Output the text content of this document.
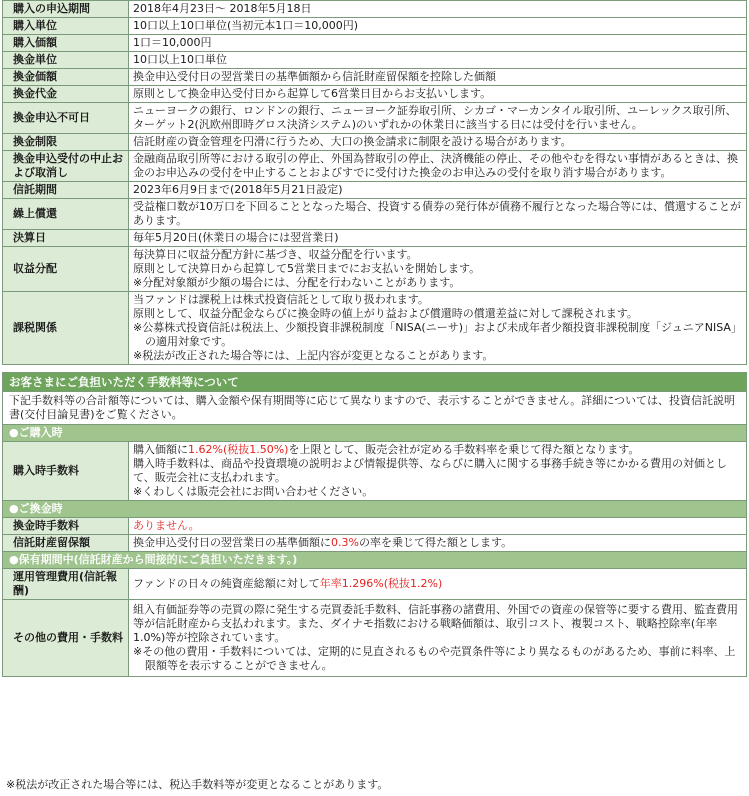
購入の申込期間	2018年4月23日～ 2018年5月18日

購入単位	10口以上10口単位(当初元本1口＝10,000円)

購入価額	1口＝10,000円

換金単位	10口以上10口単位

換金価額	換金申込受付日の翌営業日の基準価額から信託財産留保額を控除した価額

換金代金	原則として換金申込受付日から起算して6営業日目からお支払いします。

換金申込不可日	ニューヨークの銀行、ロンドンの銀行、ニューヨーク証券取引所、シカゴ・マーカンタイル取引所、ユーレックス取引所、ターゲット2(汎欧州即時グロス決済システム)のいずれかの休業日に該当する日には受付を行いません。

換金制限	信託財産の資金管理を円滑に行うため、大口の換金請求に制限を設ける場合があります。

換金申込受付の中止および取消し	金融商品取引所等における取引の停止、外国為替取引の停止、決済機能の停止、その他やむを得ない事情があるときは、換金のお申込みの受付を中止することおよびすでに受付けた換金のお申込みの受付を取り消す場合があります。

信託期間	2023年6月9日まで(2018年5月21日設定)

繰上償還	受益権口数が10万口を下回ることとなった場合、投資する債券の発行体が債務不履行となった場合等には、償還することがあります。

決算日	毎年5月20日(休業日の場合には翌営業日)

収益分配	毎決算日に収益分配方針に基づき、収益分配を行います。
原則として決算日から起算して5営業日までにお支払いを開始します。
※分配対象額が少額の場合には、分配を行わないことがあります。

課税関係	当ファンドは課税上は株式投資信託として取り扱われます。
原則として、収益分配金ならびに換金時の値上がり益および償還時の償還差益に対して課税されます。
※公募株式投資信託は税法上、少額投資非課税制度「NISA(ニーサ)」および未成年者少額投資非課税制度「ジュニアNISA」の適用対象です。
※税法が改正された場合等には、上記内容が変更となることがあります。
お客さまにご負担いただく手数料等について	
下記手数料等の合計額等については、購入金額や保有期間等に応じて異なりますので、表示することができません。詳細については、投資信託説明書(交付目論見書)をご覧ください。	
●ご購入時	
購入時手数料	購入価額に1.62%(税抜1.50%)を上限として、販売会社が定める手数料率を乗じて得た額となります。
購入時手数料は、商品や投資環境の説明および情報提供等、ならびに購入に関する事務手続き等にかかる費用の対価として、販売会社に支払われます。
※くわしくは販売会社にお問い合わせください。

●ご換金時	
換金時手数料	ありません。
信託財産留保額	換金申込受付日の翌営業日の基準価額に0.3%の率を乗じて得た額とします。
●保有期間中(信託財産から間接的にご負担いただきます。)	
運用管理費用(信託報酬)	ファンドの日々の純資産総額に対して年率1.296%(税抜1.2%)
その他の費用・手数料	組入有価証券等の売買の際に発生する売買委託手数料、信託事務の諸費用、外国での資産の保管等に要する費用、監査費用等が信託財産から支払われます。また、ダイナモ指数における戦略価額は、取引コスト、複製コスト、戦略控除率(年率1.0%)等が控除されています。
※その他の費用・手数料については、定期的に見直されるものや売買条件等により異なるものがあるため、事前に料率、上限額等を表示することができません。
※税法が改正された場合等には、税込手数料等が変更となることがあります。
